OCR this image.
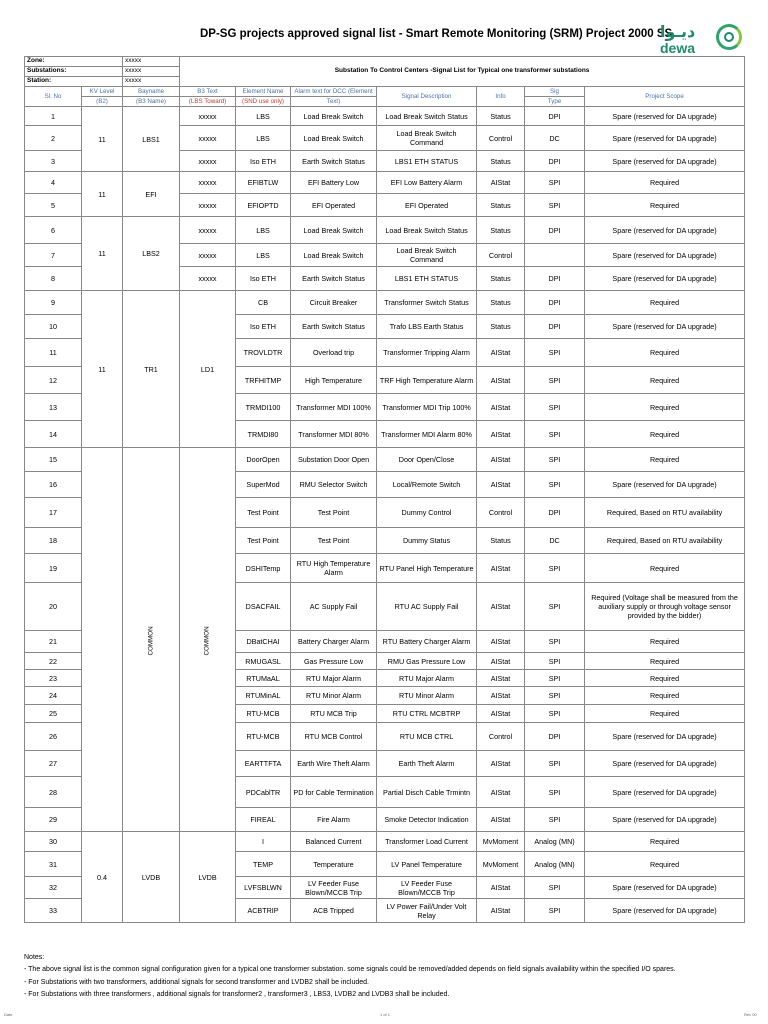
DP-SG projects approved signal list - Smart Remote Monitoring (SRM) Project 2000 SS
ديـوا
dewa
Zone:		xxxxx	Substation To Control Centers -Signal List for Typical one transformer substations						
Substations:		xxxxx							
Station:		xxxxx							
Sl. No	KV Level	Bayname	B3 Text	Element Name	Alarm text for DCC (Element	Signal Description	Info	Sig	Project Scope
	(B2)	(B3 Name)	(LBS Toward)	(SND use only)	Text)			Type	
1	11	LBS1	xxxxx	LBS	Load Break Switch	Load Break Switch Status	Status	DPI	Spare (reserved for DA upgrade)
2			xxxxx	LBS	Load Break Switch	Load Break Switch Command	Control	DC	Spare (reserved for DA upgrade)
3			xxxxx	Iso ETH	Earth Switch Status	LBS1 ETH STATUS	Status	DPI	Spare (reserved for DA upgrade)
4	11	EFI	xxxxx	EFIBTLW	EFI Battery Low	EFI Low Battery Alarm	AIStat	SPI	Required
5			xxxxx	EFIOPTD	EFI Operated	EFI Operated	Status	SPI	Required
6	11	LBS2	xxxxx	LBS	Load Break Switch	Load Break Switch Status	Status	DPI	Spare (reserved for DA upgrade)
7			xxxxx	LBS	Load Break Switch	Load Break Switch Command	Control		Spare (reserved for DA upgrade)
8			xxxxx	Iso ETH	Earth Switch Status	LBS1 ETH STATUS	Status	DPI	Spare (reserved for DA upgrade)
9	11	TR1	LD1	CB	Circuit Breaker	Transformer Switch Status	Status	DPI	Required
10				Iso ETH	Earth Switch Status	Trafo LBS Earth Status	Status	DPI	Spare (reserved for DA upgrade)
11				TROVLDTR	Overload trip	Transformer Tripping Alarm	AIStat	SPI	Required
12				TRFHITMP	High Temperature	TRF High Temperature Alarm	AIStat	SPI	Required
13				TRMDI100	Transformer MDI 100%	Transformer MDI Trip 100%	AIStat	SPI	Required
14				TRMDI80	Transformer MDI 80%	Transformer MDI Alarm 80%	AIStat	SPI	Required
15		COMMON	COMMON	DoorOpen	Substation Door Open	Door Open/Close	AIStat	SPI	Required
16				SuperMod	RMU Selector Switch	Local/Remote Switch	AIStat	SPI	Spare (reserved for DA upgrade)
17				Test Point	Test Point	Dummy Control	Control	DPI	Required, Based on RTU availability
18				Test Point	Test Point	Dummy Status	Status	DC	Required, Based on RTU availability
19				DSHITemp	RTU High Temperature Alarm	RTU Panel High Temperature	AIStat	SPI	Required
20				DSACFAIL	AC Supply Fail	RTU AC Supply Fail	AIStat	SPI	Required (Voltage shall be measured from the auxiliary supply or through voltage sensor provided by the bidder)
21				DBatCHAI	Battery Charger Alarm	RTU Battery Charger Alarm	AIStat	SPI	Required
22				RMUGASL	Gas Pressure Low	RMU Gas Pressure Low	AIStat	SPI	Required
23				RTUMaAL	RTU Major Alarm	RTU Major Alarm	AIStat	SPI	Required
24				RTUMinAL	RTU Minor Alarm	RTU Minor Alarm	AIStat	SPI	Required
25				RTU-MCB	RTU MCB Trip	RTU CTRL MCBTRP	AIStat	SPI	Required
26				RTU-MCB	RTU MCB Control	RTU MCB CTRL	Control	DPI	Spare (reserved for DA upgrade)
27				EARTTFTA	Earth Wire Theft Alarm	Earth Theft Alarm	AIStat	SPI	Spare (reserved for DA upgrade)
28				PDCablTR	PD for Cable Termination	Partial Disch Cable Trmintn	AIStat	SPI	Spare (reserved for DA upgrade)
29				FIREAL	Fire Alarm	Smoke Detector Indication	AIStat	SPI	Spare (reserved for DA upgrade)
30	0.4	LVDB	LVDB	I	Balanced Current	Transformer Load Current	MvMoment	Analog (MN)	Required
31				TEMP	Temperature	LV Panel Temperature	MvMoment	Analog (MN)	Required
32				LVFSBLWN	LV Feeder Fuse Blown/MCCB Trip	LV Feeder Fuse Blown/MCCB Trip	AIStat	SPI	Spare (reserved for DA upgrade)
33				ACBTRIP	ACB Tripped	LV Power Fail/Under Volt Relay	AIStat	SPI	Spare (reserved for DA upgrade)
Notes:
- The above signal list is the common signal configuration given for a typical one transformer substation. some signals could be removed/added depends on field signals availability within the specified I/O spares.
- For Substations with two transformers, additional signals for second transformer and LVDB2 shall be included.
- For Substations with three transformers , additional signals for transformer2 , transformer3 , LBS3, LVDB2 and LVDB3 shall be included.
Date	1 of 1	Rev 00
